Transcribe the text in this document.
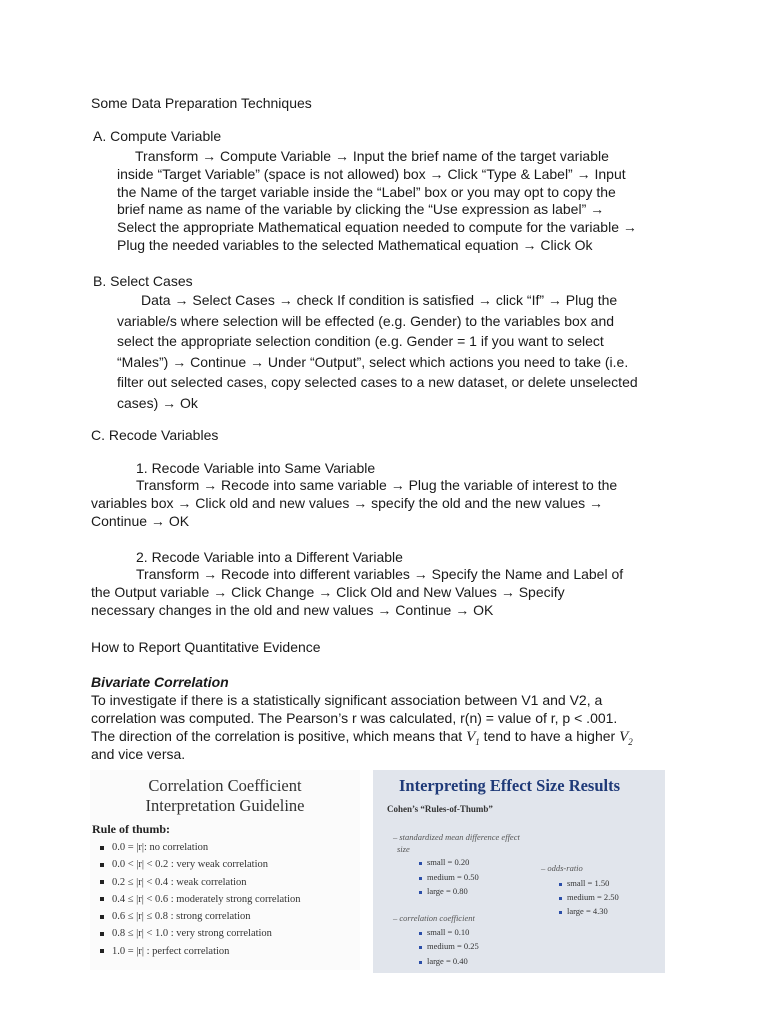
Some Data Preparation Techniques
A. Compute Variable

Transform → Compute Variable → Input the brief name of the target variable

inside “Target Variable” (space is not allowed) box → Click “Type & Label” → Input

the Name of the target variable inside the “Label” box or you may opt to copy the

brief name as name of the variable by clicking the “Use expression as label” →

Select the appropriate Mathematical equation needed to compute for the variable →

Plug the needed variables to the selected Mathematical equation → Click Ok

B. Select Cases

Data → Select Cases → check If condition is satisfied → click “If” → Plug the

variable/s where selection will be effected (e.g. Gender) to the variables box and

select the appropriate selection condition (e.g. Gender = 1 if you want to select

“Males”) → Continue → Under “Output”, select which actions you need to take (i.e.

filter out selected cases, copy selected cases to a new dataset, or delete unselected

cases) → Ok

C. Recode Variables
1. Recode Variable into Same Variable

Transform → Recode into same variable → Plug the variable of interest to the

variables box → Click old and new values → specify the old and the new values →

Continue → OK

2. Recode Variable into a Different Variable

Transform → Recode into different variables → Specify the Name and Label of

the Output variable → Click Change → Click Old and New Values → Specify

necessary changes in the old and new values → Continue → OK

How to Report Quantitative Evidence
Bivariate Correlation
To investigate if there is a statistically significant association between V1 and V2, a
correlation was computed. The Pearson’s r was calculated, r(n) = value of r, p < .001.
The direction of the correlation is positive, which means that $V_1$ tend to have a higher $V_2$
and vice versa.
Correlation Coefficient
Interpretation Guideline
Rule of thumb:
0.0 = |r|: no correlation
0.0 < |r| < 0.2 : very weak correlation
0.2 ≤ |r| < 0.4 : weak correlation
0.4 ≤ |r| < 0.6 : moderately strong correlation
0.6 ≤ |r| ≤ 0.8 : strong correlation
0.8 ≤ |r| < 1.0 : very strong correlation
1.0 = |r| : perfect correlation
Interpreting Effect Size Results
Cohen’s “Rules-of-Thumb”
– standardized mean difference effect
size
small = 0.20
medium = 0.50
large = 0.80
– odds-ratio
small = 1.50
medium = 2.50
large = 4.30
– correlation coefficient
small = 0.10
medium = 0.25
large = 0.40
